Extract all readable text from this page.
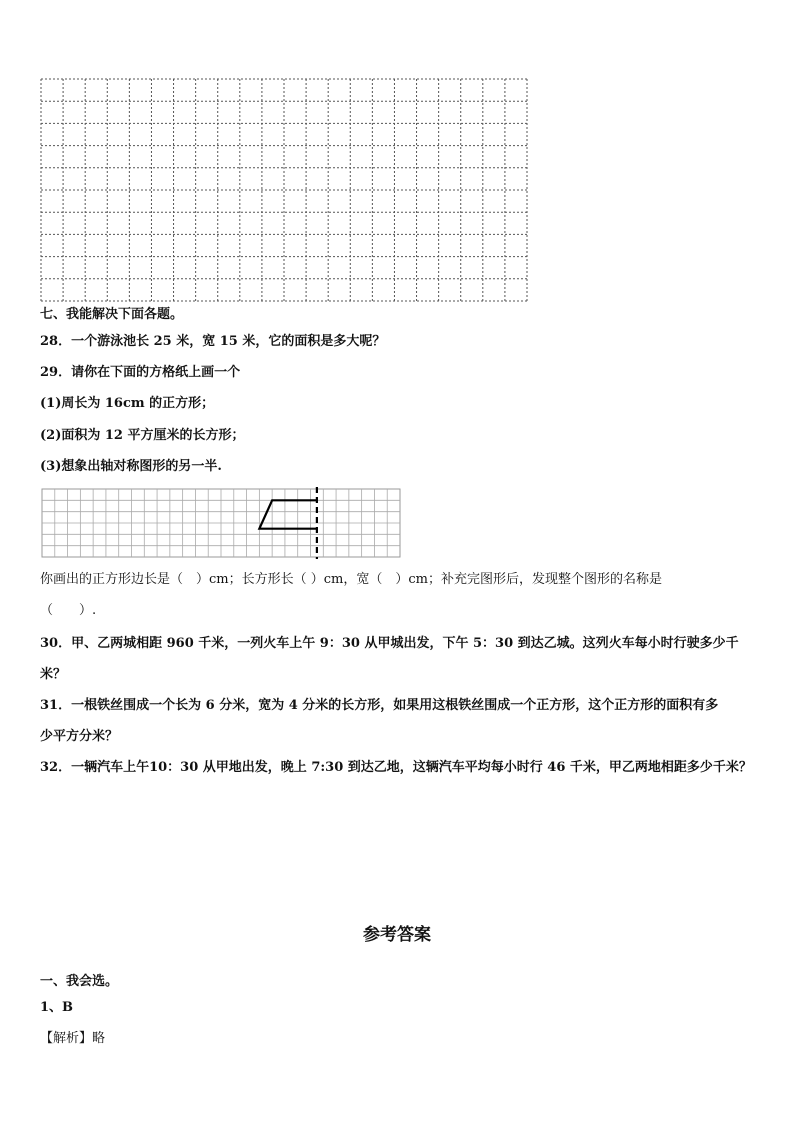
七、我能解决下面各题。
28．一个游泳池长 25 米，宽 15 米，它的面积是多大呢？
29．请你在下面的方格纸上画一个
(1)周长为 16cm 的正方形；
(2)面积为 12 平方厘米的长方形；
(3)想象出轴对称图形的另一半.
你画出的正方形边长是（　）cm；长方形长（ ）cm，宽（　）cm；补充完图形后，发现整个图形的名称是
（　　）.
30．甲、乙两城相距 960 千米，一列火车上午 9：30 从甲城出发，下午 5：30 到达乙城。这列火车每小时行驶多少千
米？
31．一根铁丝围成一个长为 6 分米，宽为 4 分米的长方形，如果用这根铁丝围成一个正方形，这个正方形的面积有多
少平方分米？
32．一辆汽车上午10：30 从甲地出发，晚上 7:30 到达乙地，这辆汽车平均每小时行 46 千米，甲乙两地相距多少千米？
参考答案
一、我会选。
1、B
【解析】略
